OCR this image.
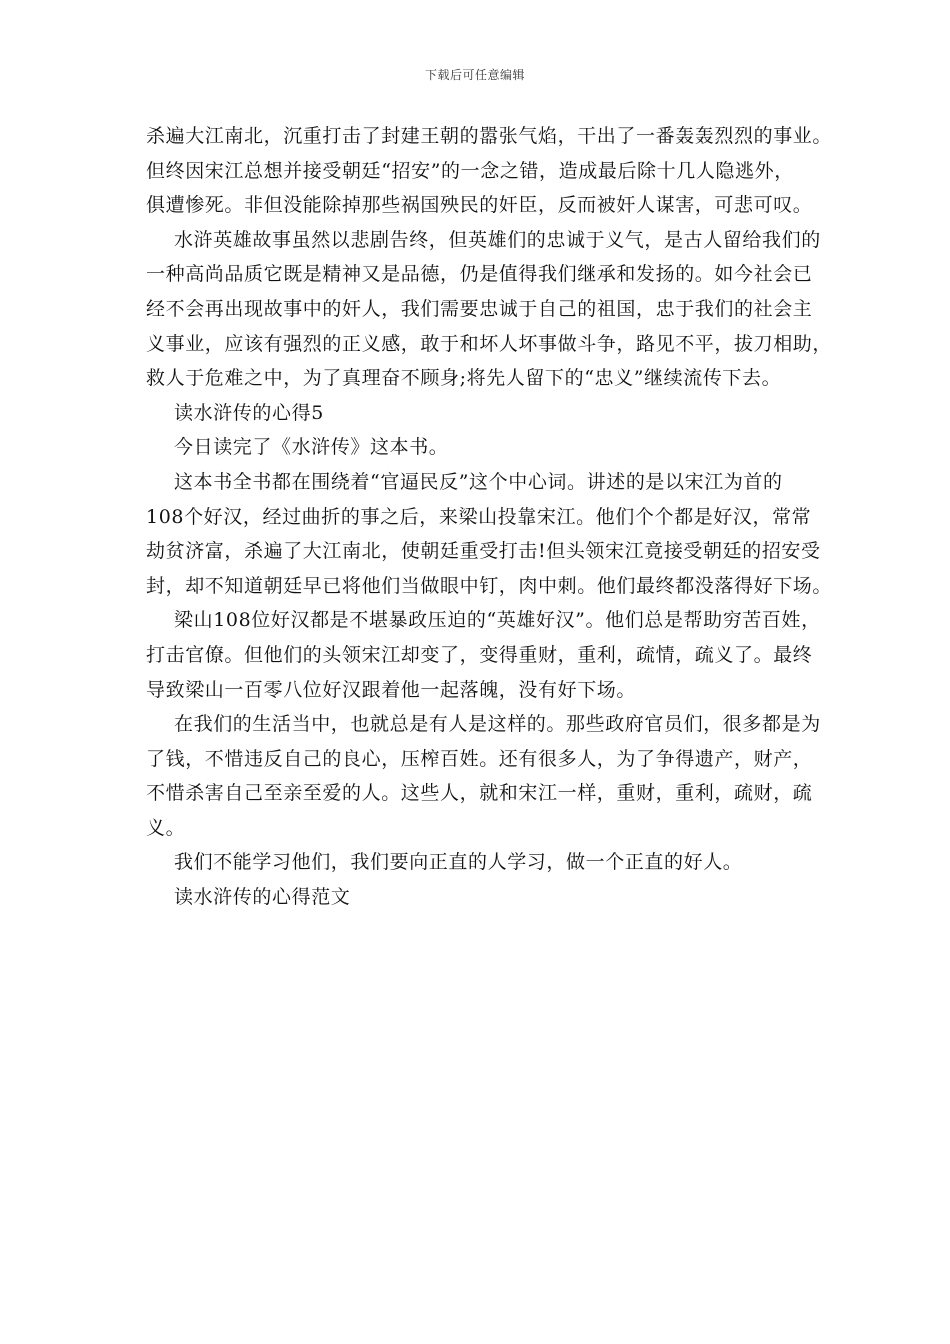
下载后可任意编辑
杀遍大江南北，沉重打击了封建王朝的嚣张气焰，干出了一番轰轰烈烈的事业。
但终因宋江总想并接受朝廷“招安”的一念之错，造成最后除十几人隐逃外，
俱遭惨死。非但没能除掉那些祸国殃民的奸臣，反而被奸人谋害，可悲可叹。
水浒英雄故事虽然以悲剧告终，但英雄们的忠诚于义气，是古人留给我们的
一种高尚品质它既是精神又是品德，仍是值得我们继承和发扬的。如今社会已
经不会再出现故事中的奸人，我们需要忠诚于自己的祖国，忠于我们的社会主
义事业，应该有强烈的正义感，敢于和坏人坏事做斗争，路见不平，拔刀相助，
救人于危难之中，为了真理奋不顾身;将先人留下的“忠义”继续流传下去。
读水浒传的心得5
今日读完了《水浒传》这本书。
这本书全书都在围绕着“官逼民反”这个中心词。讲述的是以宋江为首的
108个好汉，经过曲折的事之后，来梁山投靠宋江。他们个个都是好汉，常常
劫贫济富，杀遍了大江南北，使朝廷重受打击!但头领宋江竟接受朝廷的招安受
封，却不知道朝廷早已将他们当做眼中钉，肉中刺。他们最终都没落得好下场。
梁山108位好汉都是不堪暴政压迫的“英雄好汉”。他们总是帮助穷苦百姓，
打击官僚。但他们的头领宋江却变了，变得重财，重利，疏情，疏义了。最终
导致梁山一百零八位好汉跟着他一起落魄，没有好下场。
在我们的生活当中，也就总是有人是这样的。那些政府官员们，很多都是为
了钱，不惜违反自己的良心，压榨百姓。还有很多人，为了争得遗产，财产，
不惜杀害自己至亲至爱的人。这些人，就和宋江一样，重财，重利，疏财，疏
义。
我们不能学习他们，我们要向正直的人学习，做一个正直的好人。
读水浒传的心得范文
